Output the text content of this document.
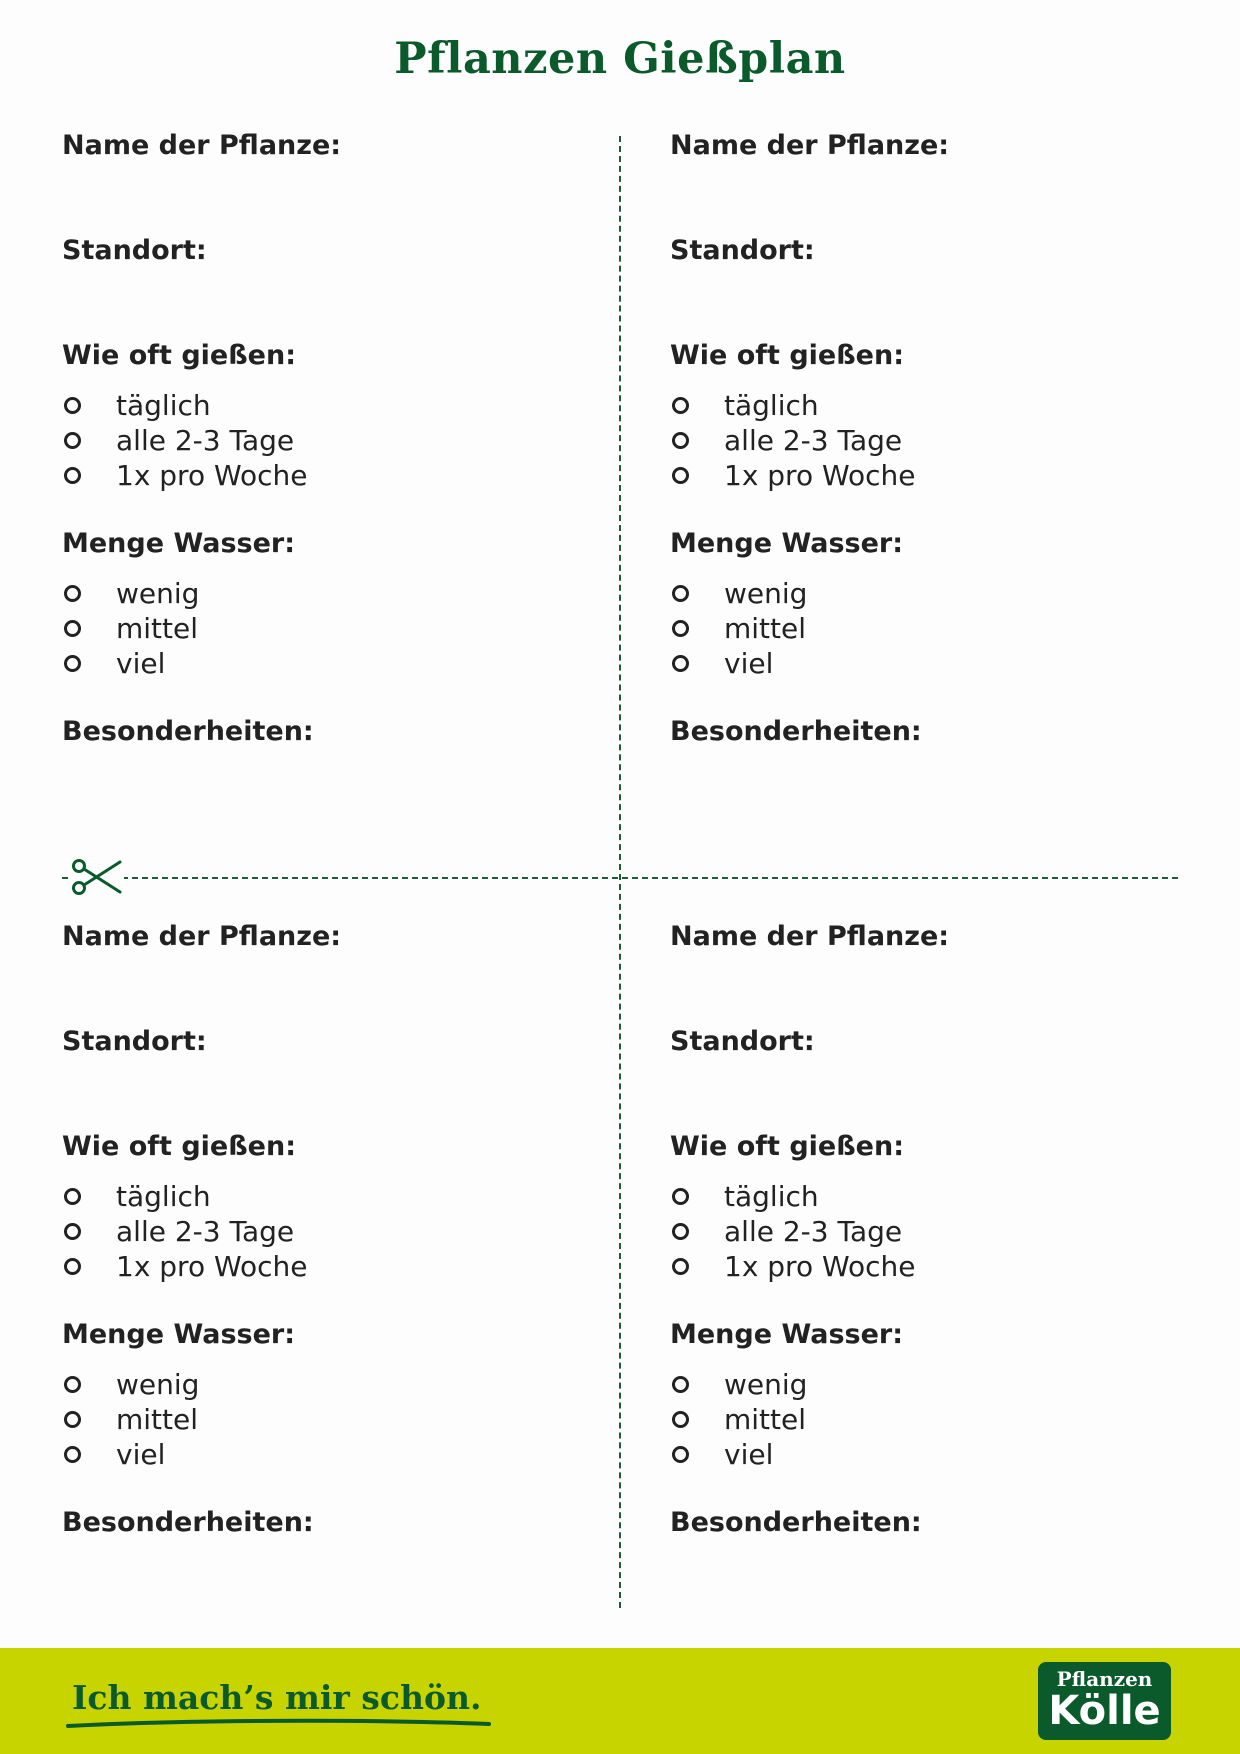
Pflanzen Gießplan

Name der Pflanze:

Standort:

Wie oft gießen:

täglich
alle 2-3 Tage
1x pro Woche

Menge Wasser:

wenig
mittel
viel

Besonderheiten:

Name der Pflanze:

Standort:

Wie oft gießen:

täglich
alle 2-3 Tage
1x pro Woche

Menge Wasser:

wenig
mittel
viel

Besonderheiten:

Name der Pflanze:

Standort:

Wie oft gießen:

täglich
alle 2-3 Tage
1x pro Woche

Menge Wasser:

wenig
mittel
viel

Besonderheiten:

Name der Pflanze:

Standort:

Wie oft gießen:

täglich
alle 2-3 Tage
1x pro Woche

Menge Wasser:

wenig
mittel
viel

Besonderheiten:

Ich mach’s mir schön.	Pflanzen
Kölle
